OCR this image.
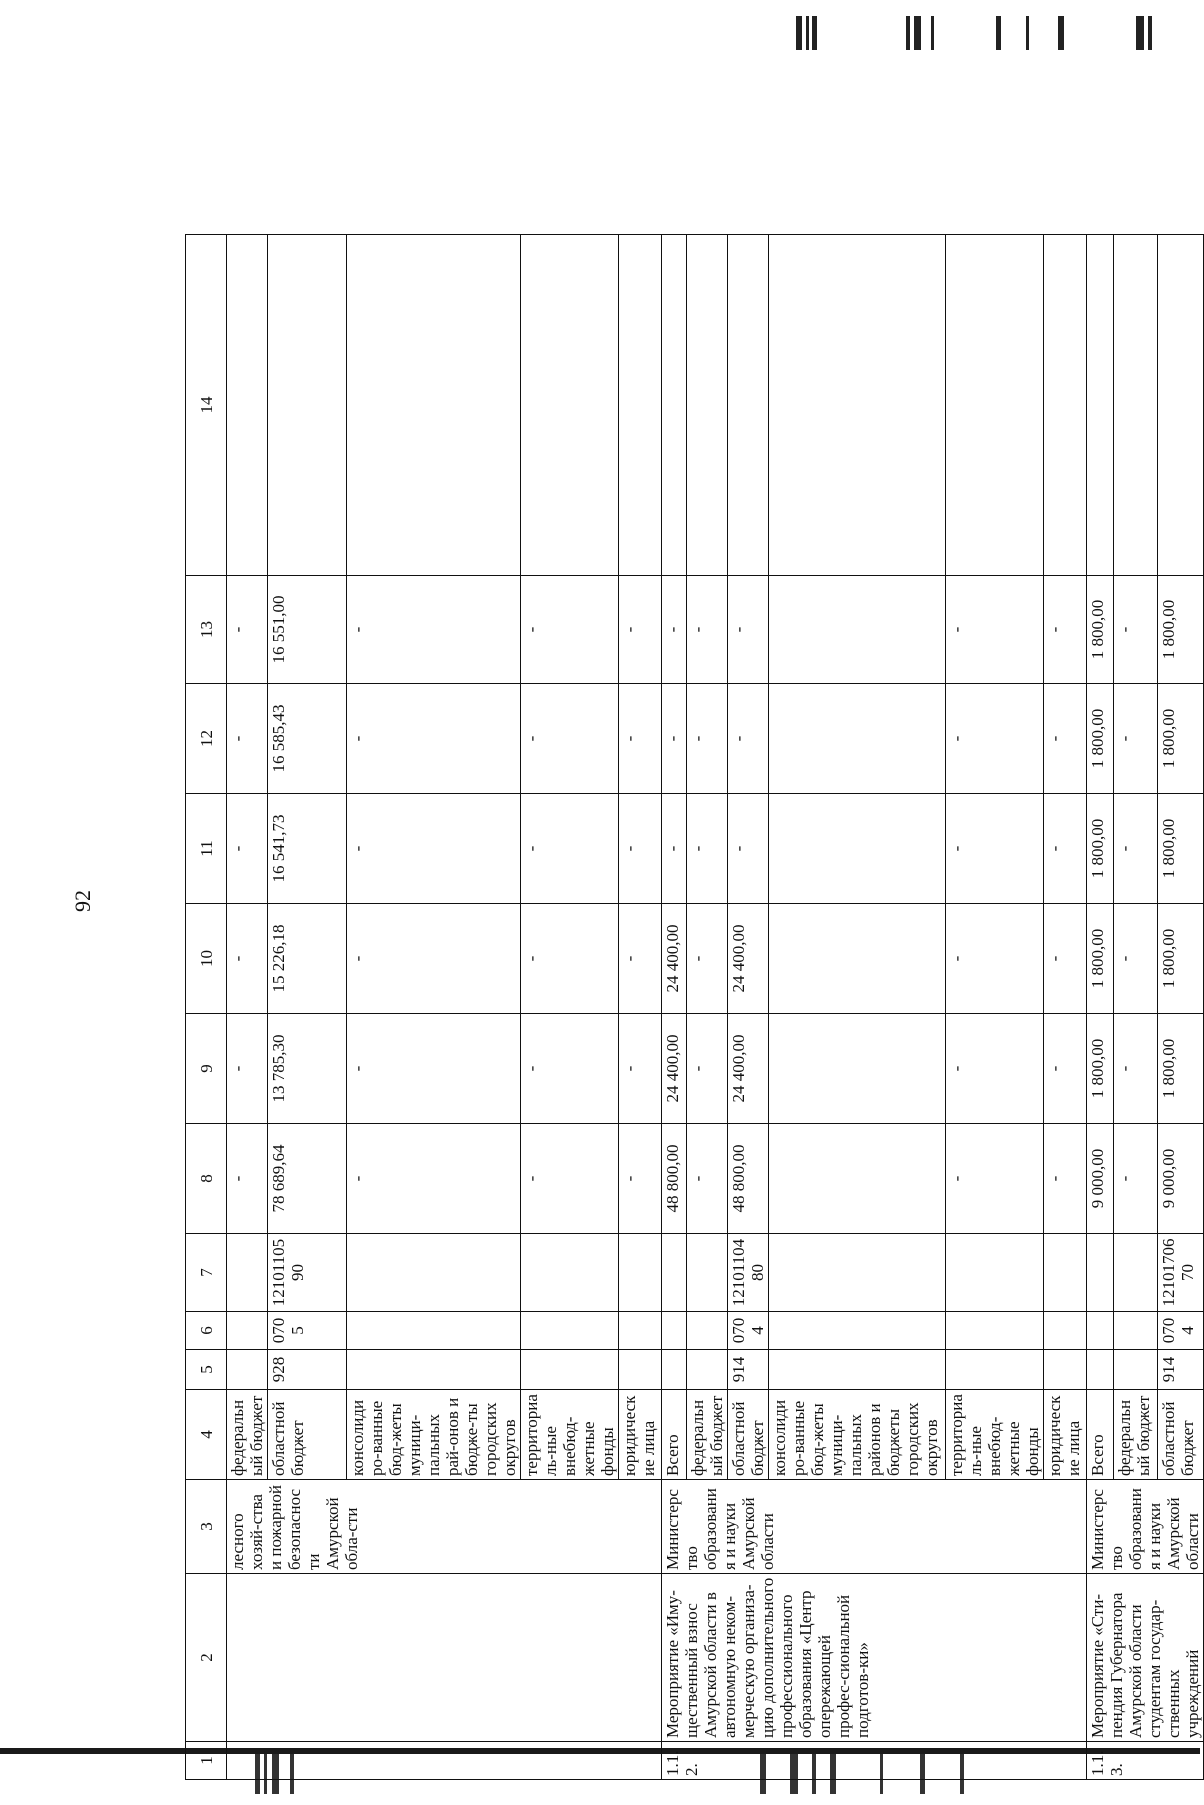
92
1	2	3	4	5	6	7	8	9	10	11	12	13	14
		лесного хозяй-ства и пожарной безопасности Амурской обла-сти	федеральный бюджет				-	-	-	-	-	-	
			областной бюджет	928	0705	1210110590	78 689,64	13 785,30	15 226,18	16 541,73	16 585,43	16 551,00	
			консолидиро-ванные бюд-жеты муници-пальных рай-онов и бюдже-ты городских округов				-	-	-	-	-	-	
			территориаль-ные внебюд-жетные фонды				-	-	-	-	-	-	
			юридические лица				-	-	-	-	-	-	
1.1.2.	Мероприятие «Иму-щественный взнос Амурской области в автономную неком-мерческую организа-цию дополнительного профессионального образования «Центр опережающей профес-сиональной подготов-ки»	Министерство образования и науки Амурской области	Всего				48 800,00	24 400,00	24 400,00	-	-	-	
			федеральный бюджет				-	-	-	-	-	-	
			областной бюджет	914	0704	1210110480	48 800,00	24 400,00	24 400,00	-	-	-	
			консолидиро-ванные бюд-жеты муници-пальных районов и бюджеты городских округов										
			территориаль-ные внебюд-жетные фонды				-	-	-	-	-	-	
			юридические лица				-	-	-	-	-	-	
1.1.3.	Мероприятие «Сти-пендия Губернатора Амурской области студентам государ-ственных учреждений	Министерство образования и науки Амурской области	Всего				9 000,00	1 800,00	1 800,00	1 800,00	1 800,00	1 800,00	
			федеральный бюджет				-	-	-	-	-	-	
			областной бюджет	914	0704	1210170670	9 000,00	1 800,00	1 800,00	1 800,00	1 800,00	1 800,00	
